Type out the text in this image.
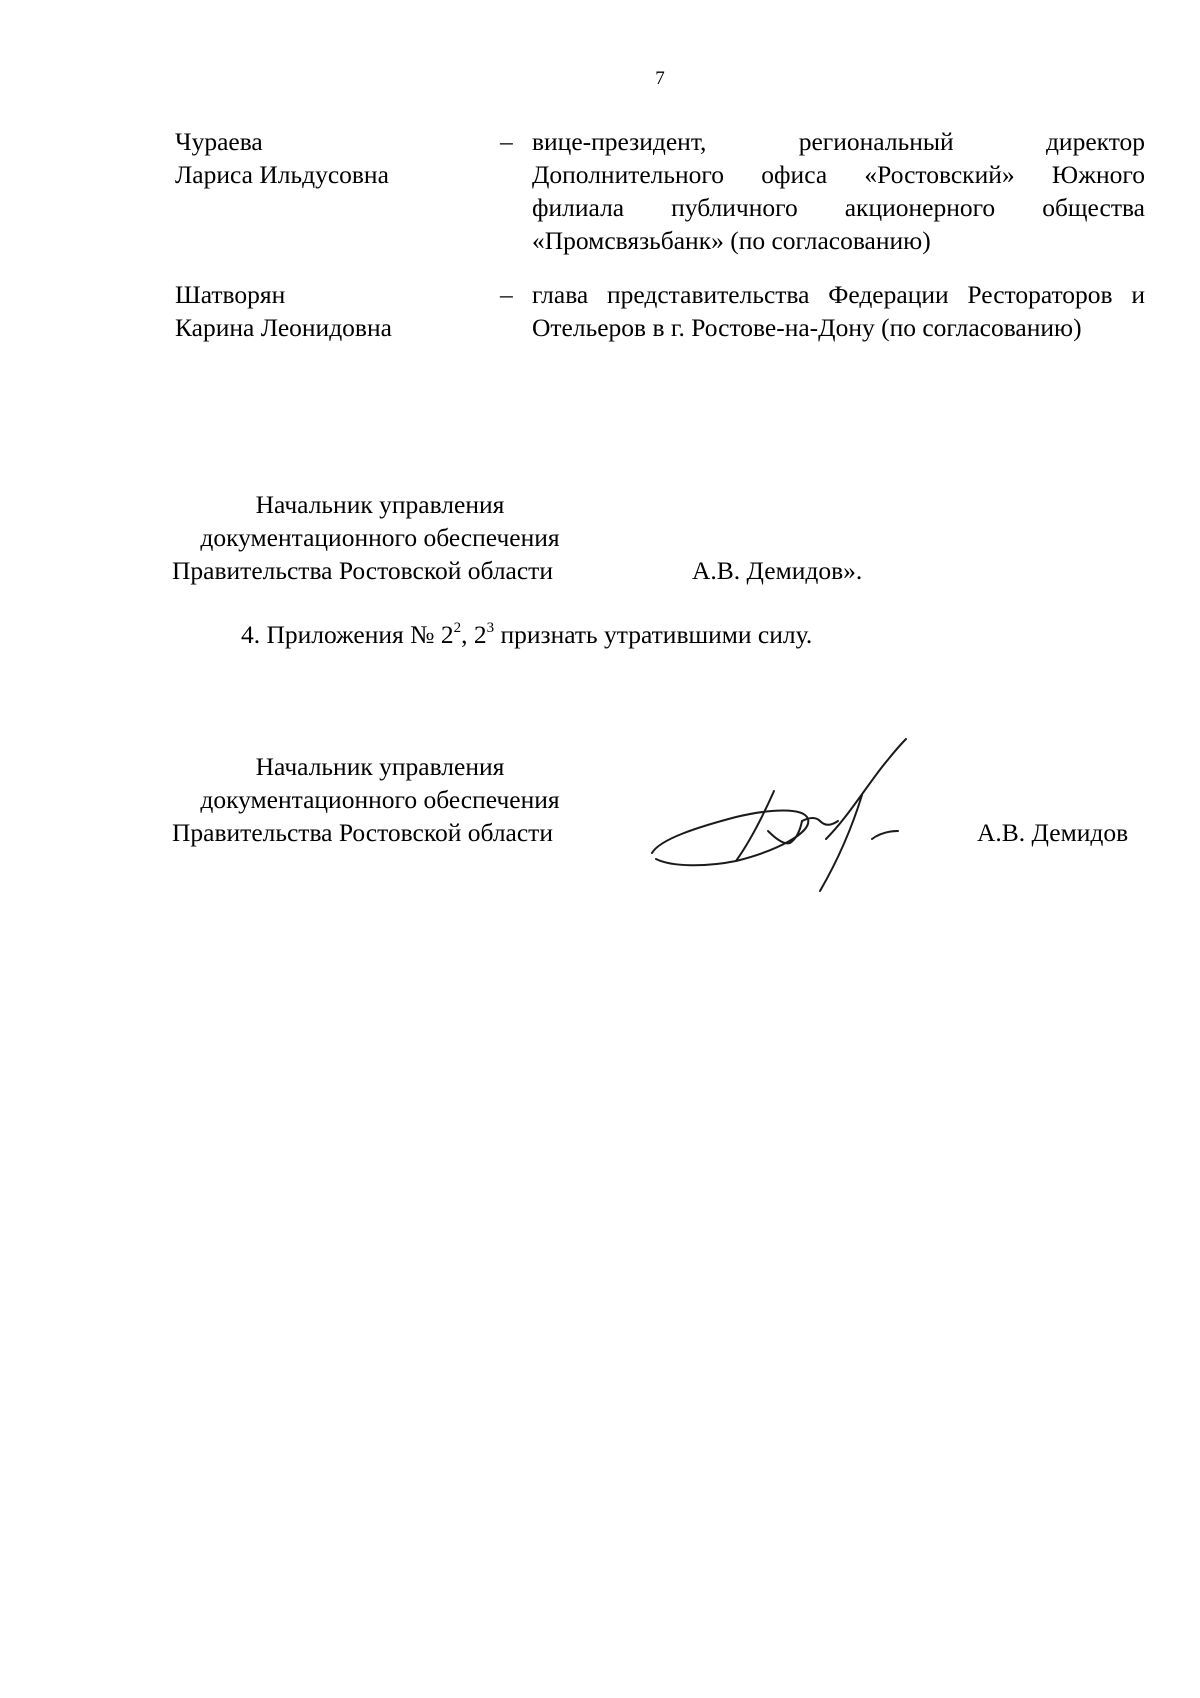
7
Чураева
Лариса Ильдусовна
– вице-президент, региональный директор Дополнительного офиса «Ростовский» Южного филиала публичного акционерного общества «Промсвязьбанк» (по согласованию)
Шатворян
Карина Леонидовна
– глава представительства Федерации Рестораторов и Отельеров в г. Ростове-на-Дону (по согласованию)
Начальник управления
документационного обеспечения
Правительства Ростовской области	А.В. Демидов».
4. Приложения № $2^2$, $2^3$ признать утратившими силу.
Начальник управления
документационного обеспечения
Правительства Ростовской области	А.В. Демидов
